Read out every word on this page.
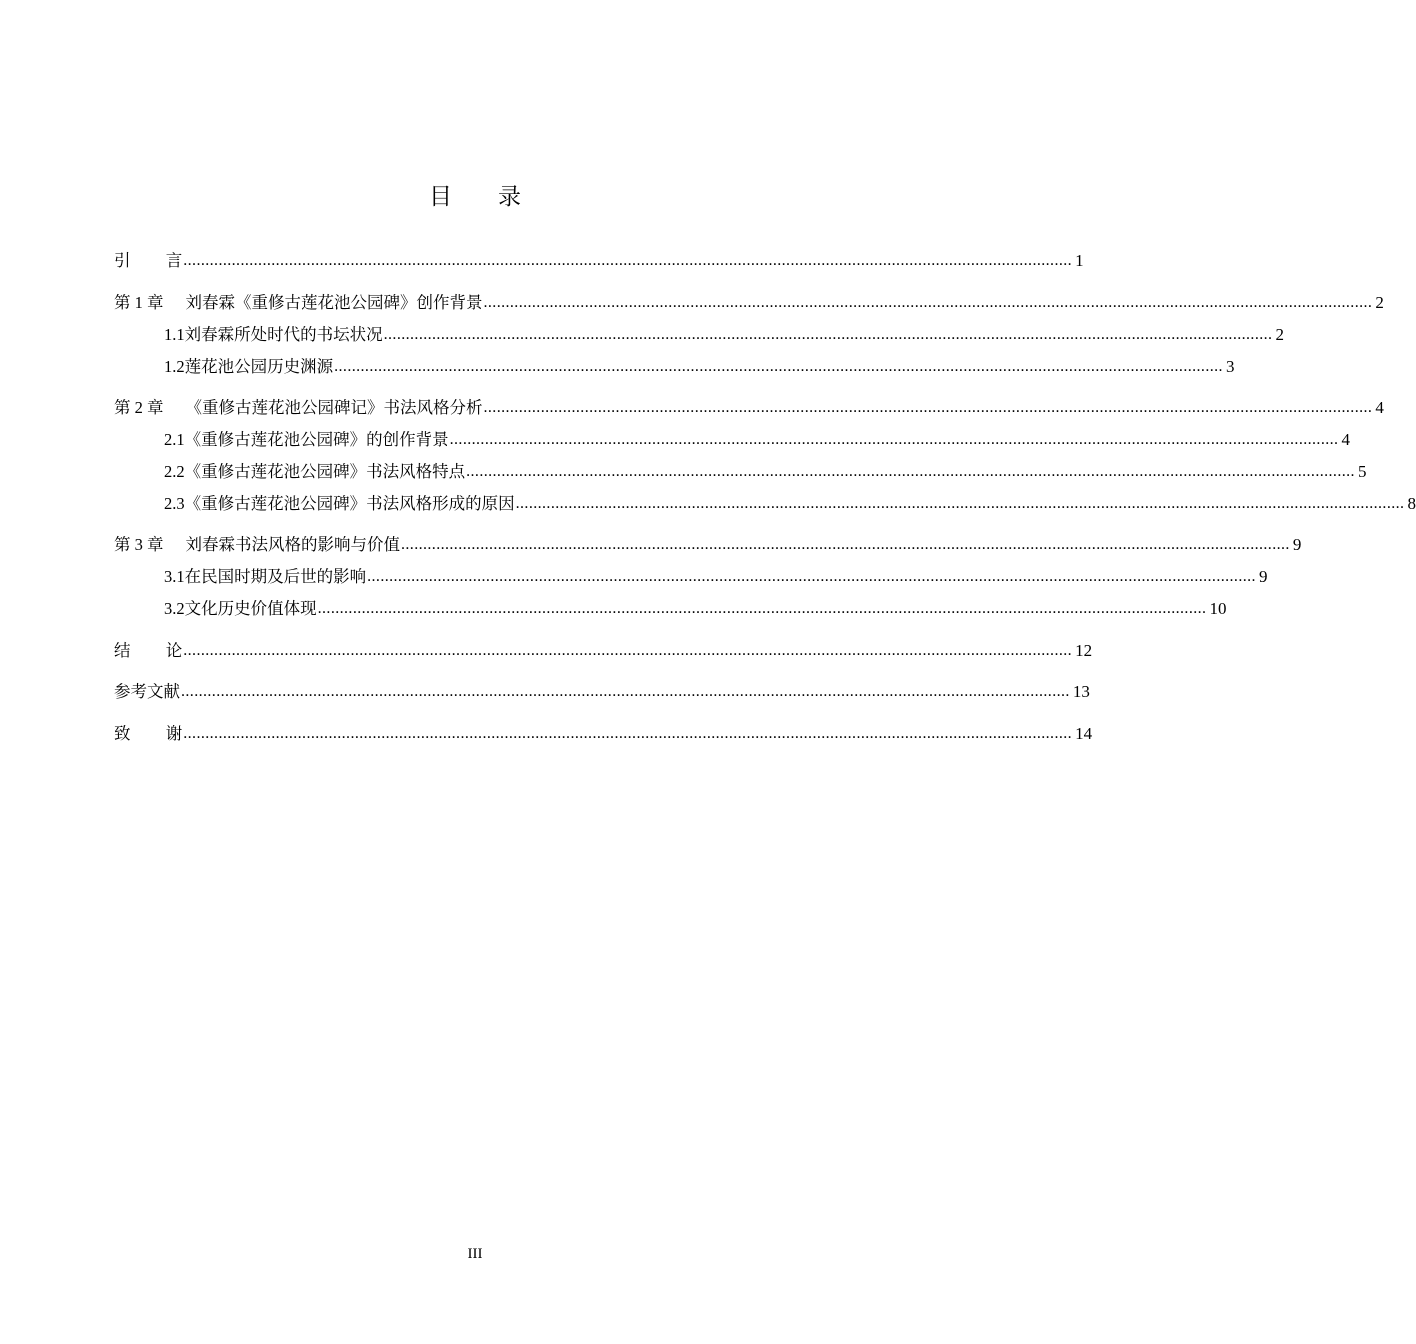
目录
引 言 .......................................................................................................................................................................................................... 1
第 1 章 刘春霖《重修古莲花池公园碑》创作背景 .......................................................................................................................................................................................................... 2
1.1 刘春霖所处时代的书坛状况 .......................................................................................................................................................................................................... 2
1.2 莲花池公园历史渊源 .......................................................................................................................................................................................................... 3
第 2 章 《重修古莲花池公园碑记》书法风格分析 .......................................................................................................................................................................................................... 4
2.1 《重修古莲花池公园碑》的创作背景 .......................................................................................................................................................................................................... 4
2.2 《重修古莲花池公园碑》书法风格特点 .......................................................................................................................................................................................................... 5
2.3 《重修古莲花池公园碑》书法风格形成的原因 .......................................................................................................................................................................................................... 8
第 3 章 刘春霖书法风格的影响与价值 .......................................................................................................................................................................................................... 9
3.1 在民国时期及后世的影响 .......................................................................................................................................................................................................... 9
3.2 文化历史价值体现 .......................................................................................................................................................................................................... 10
结 论 .......................................................................................................................................................................................................... 12
参考文献 .......................................................................................................................................................................................................... 13
致 谢 .......................................................................................................................................................................................................... 14
III
